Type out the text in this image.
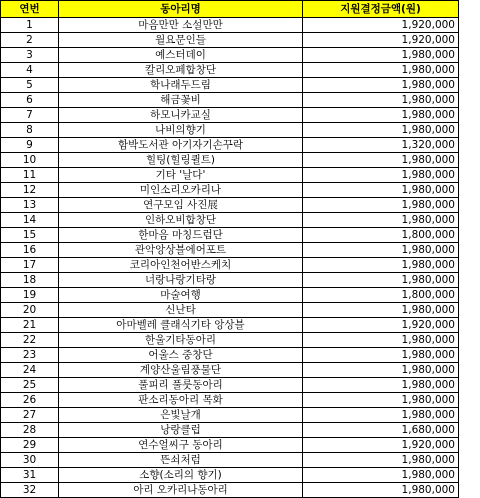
연번	동아리명	지원결정금액(원)
1	마음만만 소설만만	1,920,000
2	월요문인들	1,920,000
3	예스터데이	1,980,000
4	칼리오페합창단	1,980,000
5	학나래두드림	1,980,000
6	해금꽃비	1,980,000
7	하모니카교실	1,980,000
8	나비의향기	1,980,000
9	함박도서관 아기자기손꾸락	1,320,000
10	힐팅(힐링퀼트)	1,980,000
11	기타 '날다'	1,980,000
12	미인소리오카리나	1,980,000
13	연구모임 사진展	1,980,000
14	인하오비합창단	1,980,000
15	한마음 마칭드럼단	1,800,000
16	관악앙상블에어포트	1,980,000
17	코리아인천어반스케치	1,980,000
18	너랑나랑기타랑	1,980,000
19	마술여행	1,800,000
20	신난타	1,980,000
21	아마벨레 클래식기타 앙상블	1,920,000
22	한울기타동아리	1,980,000
23	어울스 중창단	1,980,000
24	계양산울림풍물단	1,980,000
25	풀피리 풀룻동아리	1,980,000
26	판소리동아리 목화	1,980,000
27	은빛날개	1,980,000
28	낭랑클럽	1,680,000
29	연수얼씨구 동아리	1,920,000
30	뜬쇠처럼	1,980,000
31	소향(소리의 향기)	1,980,000
32	아리 오카리나동아리	1,980,000
